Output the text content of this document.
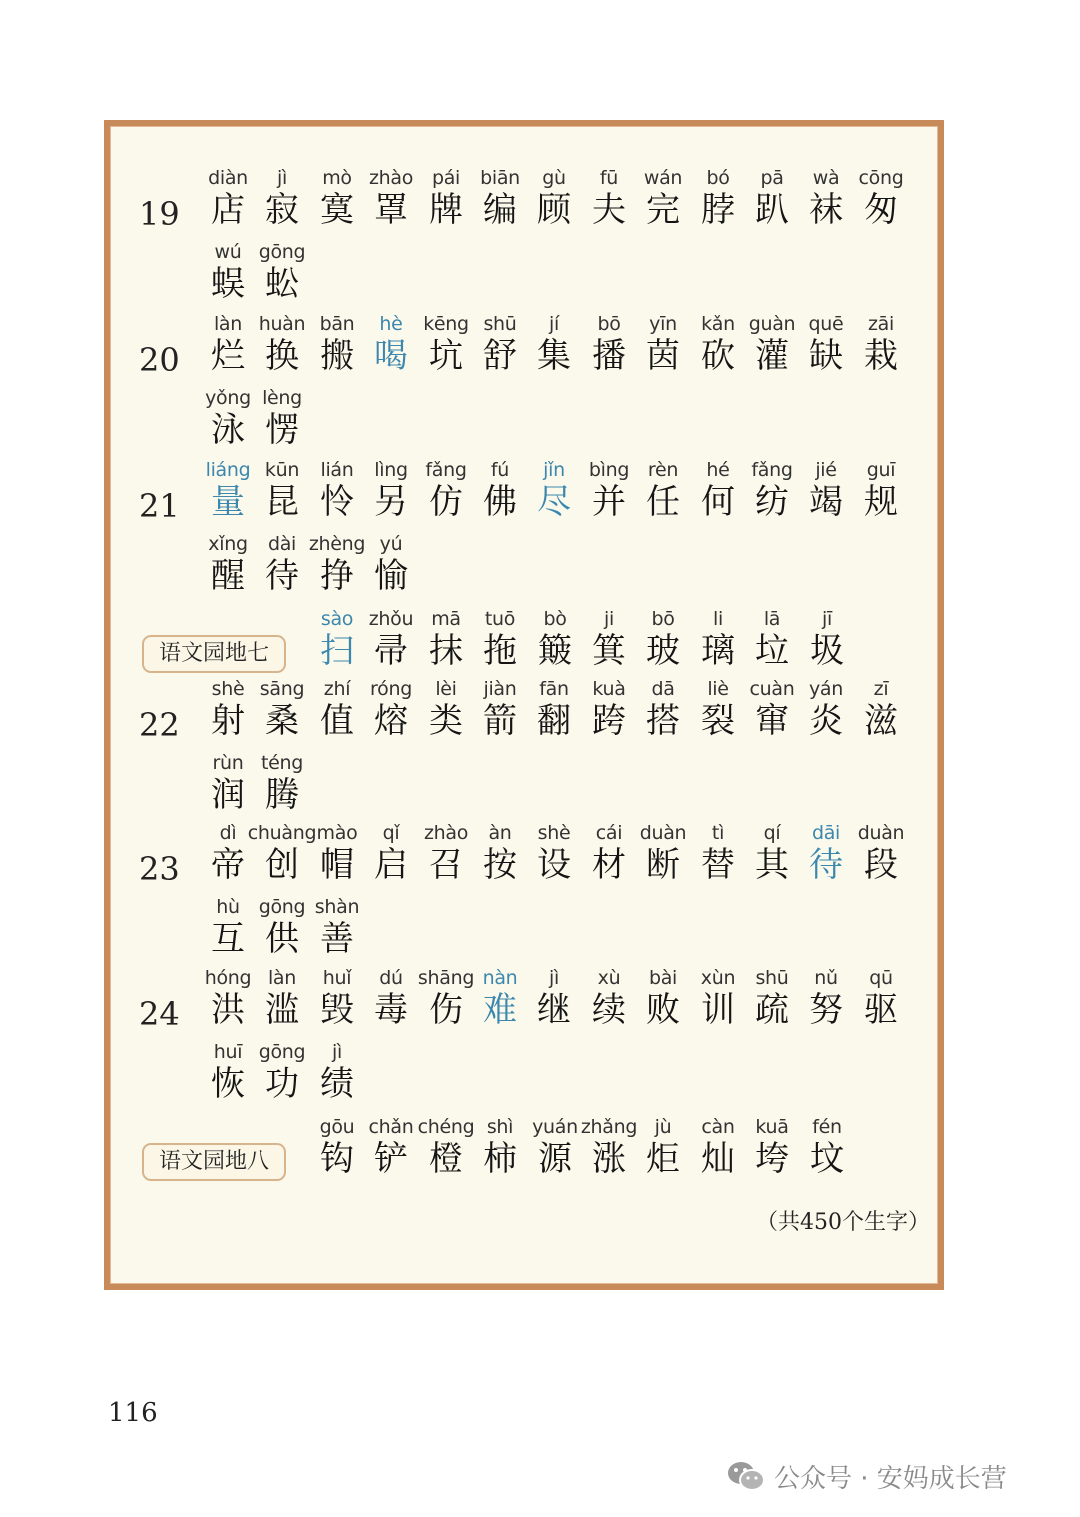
19
diàn
店
jì
寂
mò
寞
zhào
罩
pái
牌
biān
编
gù
顾
fū
夫
wán
完
bó
脖
pā
趴
wà
袜
cōng
匆
wú
蜈
gōng
蚣
20
làn
烂
huàn
换
bān
搬
hè
喝
kēng
坑
shū
舒
jí
集
bō
播
yīn
茵
kǎn
砍
guàn
灌
quē
缺
zāi
栽
yǒng
泳
lèng
愣
21
liáng
量
kūn
昆
lián
怜
lìng
另
fǎng
仿
fú
佛
jǐn
尽
bìng
并
rèn
任
hé
何
fǎng
纺
jié
竭
guī
规
xǐng
醒
dài
待
zhèng
挣
yú
愉
语文园地七
sào
扫
zhǒu
帚
mā
抹
tuō
拖
bò
簸
ji
箕
bō
玻
li
璃
lā
垃
jī
圾
22
shè
射
sāng
桑
zhí
值
róng
熔
lèi
类
jiàn
箭
fān
翻
kuà
跨
dā
搭
liè
裂
cuàn
窜
yán
炎
zī
滋
rùn
润
téng
腾
23
dì
帝
chuàng
创
mào
帽
qǐ
启
zhào
召
àn
按
shè
设
cái
材
duàn
断
tì
替
qí
其
dāi
待
duàn
段
hù
互
gōng
供
shàn
善
24
hóng
洪
làn
滥
huǐ
毁
dú
毒
shāng
伤
nàn
难
jì
继
xù
续
bài
败
xùn
训
shū
疏
nǔ
努
qū
驱
huī
恢
gōng
功
jì
绩
语文园地八
gōu
钩
chǎn
铲
chéng
橙
shì
柿
yuán
源
zhǎng
涨
jù
炬
càn
灿
kuā
垮
fén
坟
（共450个生字）
116
公众号 · 安妈成长营
